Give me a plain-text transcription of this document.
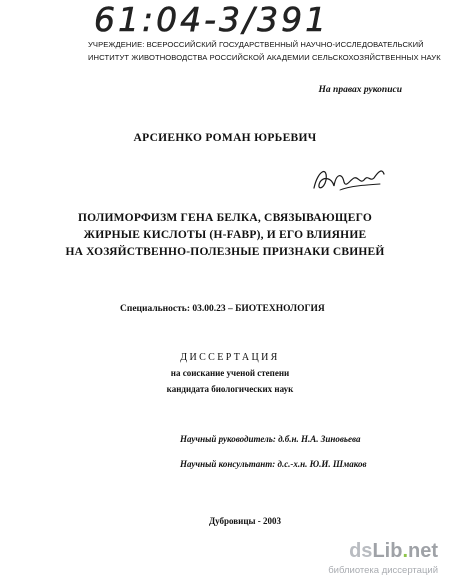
61:04-3/391
УЧРЕЖДЕНИЕ: ВСЕРОССИЙСКИЙ ГОСУДАРСТВЕННЫЙ НАУЧНО-ИССЛЕДОВАТЕЛЬСКИЙ
ИНСТИТУТ ЖИВОТНОВОДСТВА РОССИЙСКОЙ АКАДЕМИИ СЕЛЬСКОХОЗЯЙСТВЕННЫХ НАУК
На правах рукописи
АРСИЕНКО РОМАН ЮРЬЕВИЧ
ПОЛИМОРФИЗМ ГЕНА БЕЛКА, СВЯЗЫВАЮЩЕГО
ЖИРНЫЕ КИСЛОТЫ (H-FABP), И ЕГО ВЛИЯНИЕ
НА ХОЗЯЙСТВЕННО-ПОЛЕЗНЫЕ ПРИЗНАКИ СВИНЕЙ
Специальность: 03.00.23 – БИОТЕХНОЛОГИЯ
ДИССЕРТАЦИЯ
на соискание ученой степени
кандидата биологических наук
Научный руководитель: д.б.н. Н.А. Зиновьева
Научный консультант: д.с.-х.н. Ю.И. Шмаков
Дубровицы - 2003
dsLib.net
библиотека диссертаций
